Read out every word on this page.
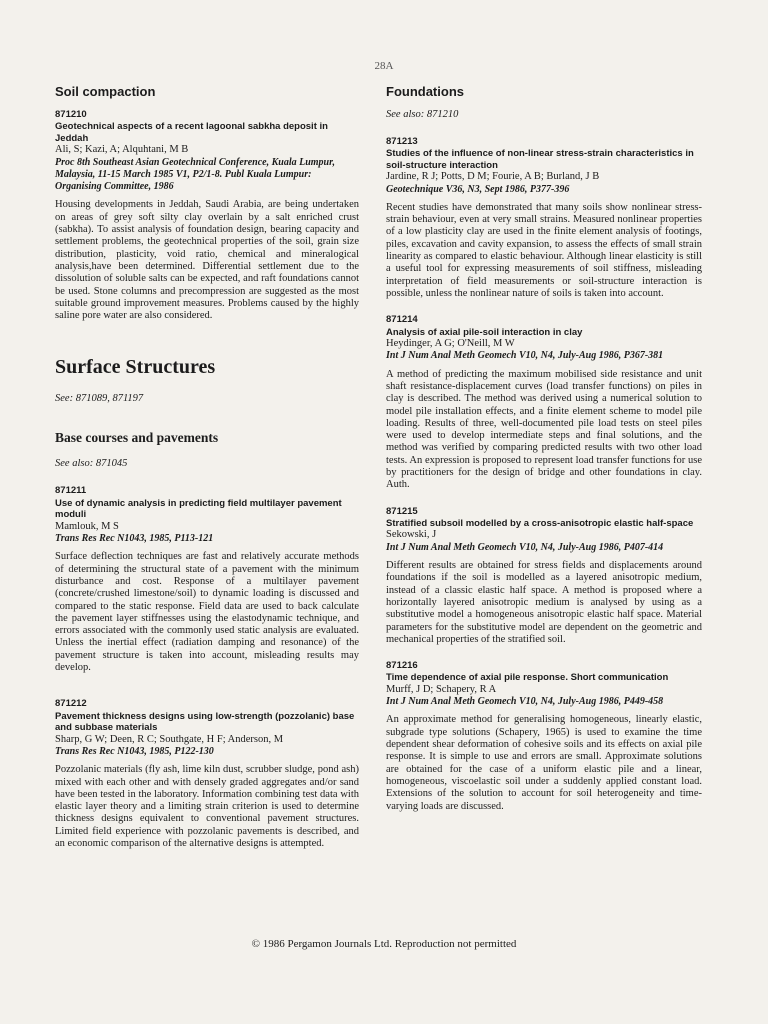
28A
Soil compaction
871210
Geotechnical aspects of a recent lagoonal sabkha deposit in Jeddah
Ali, S; Kazi, A; Alquhtani, M B
Proc 8th Southeast Asian Geotechnical Conference, Kuala Lumpur, Malaysia, 11-15 March 1985 V1, P2/1-8. Publ Kuala Lumpur: Organising Committee, 1986
Housing developments in Jeddah, Saudi Arabia, are being undertaken on areas of grey soft silty clay overlain by a salt enriched crust (sabkha). To assist analysis of foundation design, bearing capacity and settlement problems, the geotechnical properties of the soil, grain size distribution, plasticity, void ratio, chemical and mineralogical analysis,have been determined. Differential settlement due to the dissolution of soluble salts can be expected, and raft foundations cannot be used. Stone columns and precompression are suggested as the most suitable ground improvement measures. Problems caused by the highly saline pore water are also considered.
Surface Structures

See: 871089, 871197

Base courses and pavements

See also: 871045

871211
Use of dynamic analysis in predicting field multilayer pavement moduli
Mamlouk, M S
Trans Res Rec N1043, 1985, P113-121
Surface deflection techniques are fast and relatively accurate methods of determining the structural state of a pavement with the minimum disturbance and cost. Response of a multilayer pavement (concrete/crushed limestone/soil) to dynamic loading is discussed and compared to the static response. Field data are used to back calculate the pavement layer stiffnesses using the elastodynamic technique, and errors associated with the commonly used static analysis are evaluated. Unless the inertial effect (radiation damping and resonance) of the pavement structure is taken into account, misleading results may develop.
871212
Pavement thickness designs using low-strength (pozzolanic) base and subbase materials
Sharp, G W; Deen, R C; Southgate, H F; Anderson, M
Trans Res Rec N1043, 1985, P122-130
Pozzolanic materials (fly ash, lime kiln dust, scrubber sludge, pond ash) mixed with each other and with densely graded aggregates and/or sand have been tested in the laboratory. Information combining test data with elastic layer theory and a limiting strain criterion is used to determine thickness designs equivalent to conventional pavement structures. Limited field experience with pozzolanic pavements is described, and an economic comparison of the alternative designs is attempted.
Foundations

See also: 871210

871213
Studies of the influence of non-linear stress-strain characteristics in soil-structure interaction
Jardine, R J; Potts, D M; Fourie, A B; Burland, J B
Geotechnique V36, N3, Sept 1986, P377-396
Recent studies have demonstrated that many soils show nonlinear stress-strain behaviour, even at very small strains. Measured nonlinear properties of a low plasticity clay are used in the finite element analysis of footings, piles, excavation and cavity expansion, to assess the effects of small strain linearity as compared to elastic behaviour. Although linear elasticity is still a useful tool for expressing measurements of soil stiffness, misleading interpretation of field measurements or soil-structure interaction is possible, unless the nonlinear nature of soils is taken into account.
871214
Analysis of axial pile-soil interaction in clay
Heydinger, A G; O'Neill, M W
Int J Num Anal Meth Geomech V10, N4, July-Aug 1986, P367-381
A method of predicting the maximum mobilised side resistance and unit shaft resistance-displacement curves (load transfer functions) on piles in clay is described. The method was derived using a numerical solution to model pile installation effects, and a finite element scheme to model pile loading. Results of three, well-documented pile load tests on steel piles were used to develop intermediate steps and final solutions, and the method was verified by comparing predicted results with two other load tests. An expression is proposed to represent load transfer functions for use by practitioners for the design of bridge and other foundations in clay. Auth.
871215
Stratified subsoil modelled by a cross-anisotropic elastic half-space
Sekowski, J
Int J Num Anal Meth Geomech V10, N4, July-Aug 1986, P407-414
Different results are obtained for stress fields and displacements around foundations if the soil is modelled as a layered anisotropic medium, instead of a classic elastic half space. A method is proposed where a horizontally layered anisotropic medium is analysed by using as a substitutive model a homogeneous anisotropic elastic half space. Material parameters for the substitutive model are dependent on the geometric and mechanical properties of the stratified soil.
871216
Time dependence of axial pile response. Short communication
Murff, J D; Schapery, R A
Int J Num Anal Meth Geomech V10, N4, July-Aug 1986, P449-458
An approximate method for generalising homogeneous, linearly elastic, subgrade type solutions (Schapery, 1965) is used to examine the time dependent shear deformation of cohesive soils and its effects on axial pile response. It is simple to use and errors are small. Approximate solutions are obtained for the case of a uniform elastic pile and a linear, homogeneous, viscoelastic soil under a suddenly applied constant load. Extensions of the solution to account for soil heterogeneity and time-varying loads are discussed.
© 1986 Pergamon Journals Ltd. Reproduction not permitted
